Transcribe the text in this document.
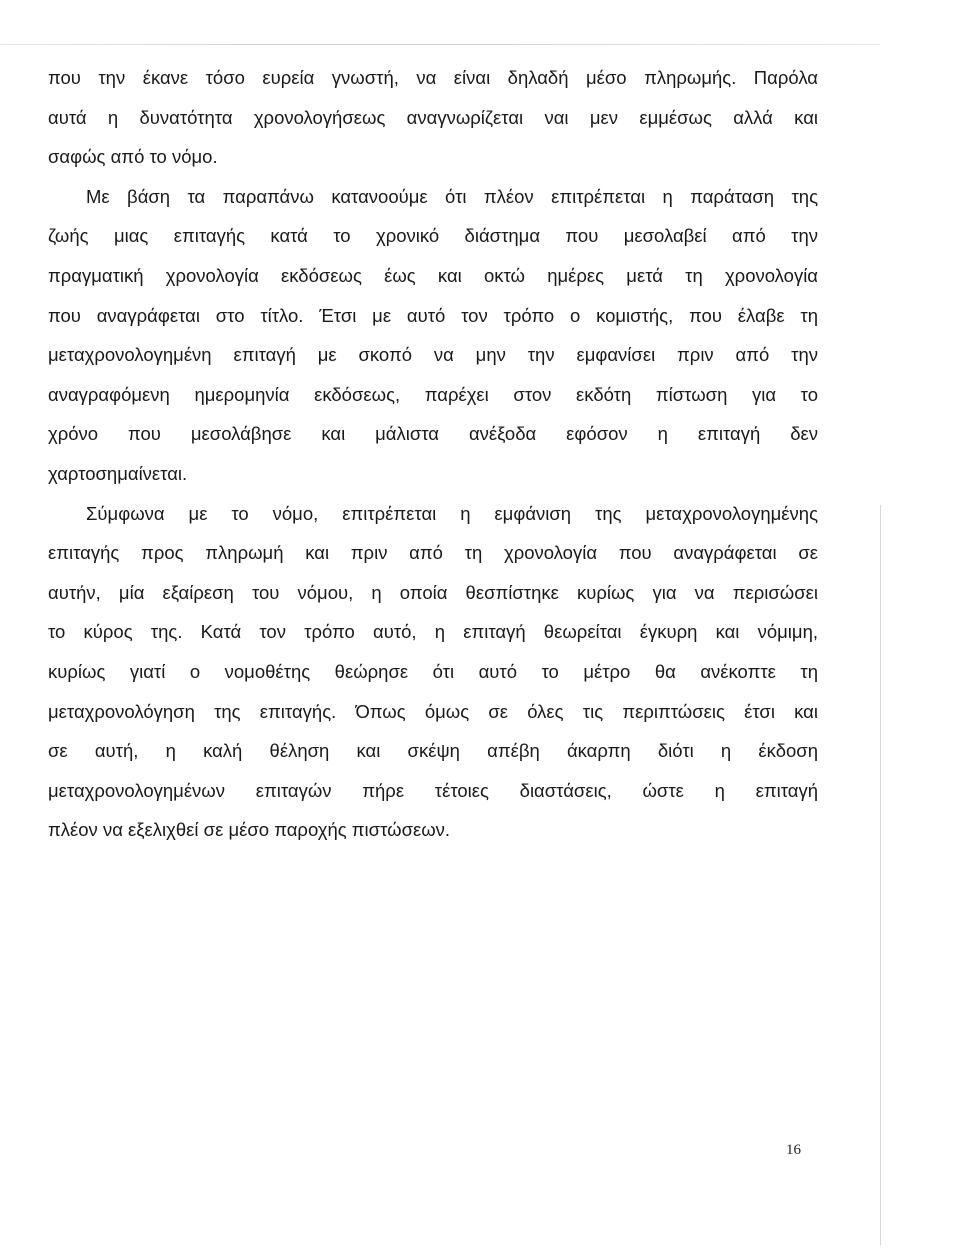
που την έκανε τόσο ευρεία γνωστή, να είναι δηλαδή μέσο πληρωμής. Παρόλα
αυτά η δυνατότητα χρονολογήσεως αναγνωρίζεται ναι μεν εμμέσως αλλά και
σαφώς από το νόμο.
Με βάση τα παραπάνω κατανοούμε ότι πλέον επιτρέπεται η παράταση της
ζωής μιας επιταγής κατά το χρονικό διάστημα που μεσολαβεί από την
πραγματική χρονολογία εκδόσεως έως και οκτώ ημέρες μετά τη χρονολογία
που αναγράφεται στο τίτλο. Έτσι με αυτό τον τρόπο ο κομιστής, που έλαβε τη
μεταχρονολογημένη επιταγή με σκοπό να μην την εμφανίσει πριν από την
αναγραφόμενη ημερομηνία εκδόσεως, παρέχει στον εκδότη πίστωση για το
χρόνο που μεσολάβησε και μάλιστα ανέξοδα εφόσον η επιταγή δεν
χαρτοσημαίνεται.
Σύμφωνα με το νόμο, επιτρέπεται η εμφάνιση της μεταχρονολογημένης
επιταγής προς πληρωμή και πριν από τη χρονολογία που αναγράφεται σε
αυτήν, μία εξαίρεση του νόμου, η οποία θεσπίστηκε κυρίως για να περισώσει
το κύρος της. Κατά τον τρόπο αυτό, η επιταγή θεωρείται έγκυρη και νόμιμη,
κυρίως γιατί ο νομοθέτης θεώρησε ότι αυτό το μέτρο θα ανέκοπτε τη
μεταχρονολόγηση της επιταγής. Όπως όμως σε όλες τις περιπτώσεις έτσι και
σε αυτή, η καλή θέληση και σκέψη απέβη άκαρπη διότι η έκδοση
μεταχρονολογημένων επιταγών πήρε τέτοιες διαστάσεις, ώστε η επιταγή
πλέον να εξελιχθεί σε μέσο παροχής πιστώσεων.
16
